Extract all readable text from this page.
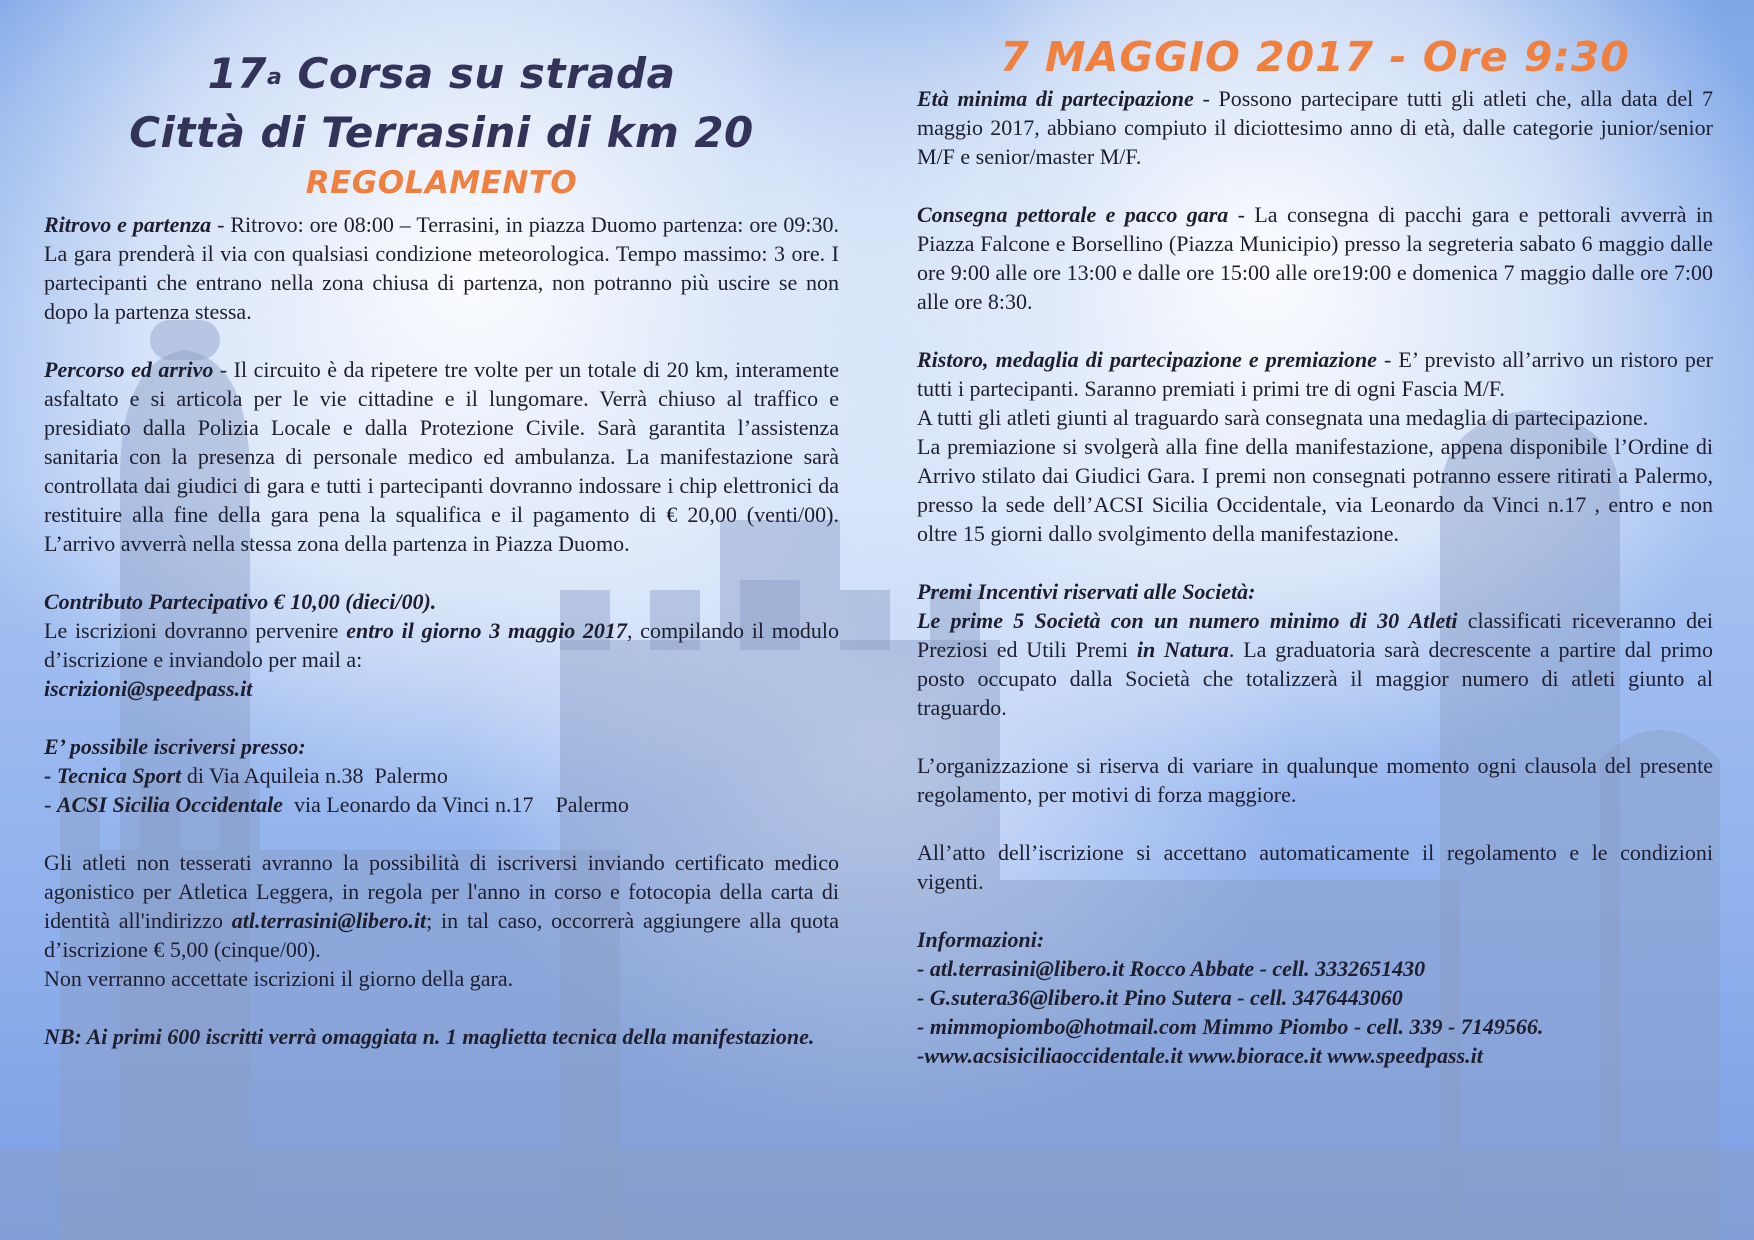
17$^a$ Corsa su strada
Città di Terrasini di km 20
REGOLAMENTO

Ritrovo e partenza - Ritrovo: ore 08:00 – Terrasini, in piazza Duomo partenza: ore 09:30. La gara prenderà il via con qualsiasi condizione meteorologica. Tempo massimo: 3 ore. I partecipanti che entrano nella zona chiusa di partenza, non potranno più uscire se non dopo la partenza stessa.

Percorso ed arrivo - Il circuito è da ripetere tre volte per un totale di 20 km, interamente asfaltato e si articola per le vie cittadine e il lungomare. Verrà chiuso al traffico e presidiato dalla Polizia Locale e dalla Protezione Civile. Sarà garantita l’assistenza sanitaria con la presenza di personale medico ed ambulanza. La manifestazione sarà controllata dai giudici di gara e tutti i partecipanti dovranno indossare i chip elettronici da restituire alla fine della gara pena la squalifica e il pagamento di € 20,00 (venti/00). L’arrivo avverrà nella stessa zona della partenza in Piazza Duomo.

Contributo Partecipativo € 10,00 (dieci/00).
Le iscrizioni dovranno pervenire entro il giorno 3 maggio 2017, compilando il modulo d’iscrizione e inviandolo per mail a:
iscrizioni@speedpass.it

E’ possibile iscriversi presso:
- Tecnica Sport di Via Aquileia n.38  Palermo
- ACSI Sicilia Occidentale  via Leonardo da Vinci n.17    Palermo

Gli atleti non tesserati avranno la possibilità di iscriversi inviando certificato medico agonistico per Atletica Leggera, in regola per l'anno in corso e fotocopia della carta di identità all'indirizzo atl.terrasini@libero.it; in tal caso, occorrerà aggiungere alla quota d’iscrizione € 5,00 (cinque/00).
Non verranno accettate iscrizioni il giorno della gara.

NB: Ai primi 600 iscritti verrà omaggiata n. 1 maglietta tecnica della manifestazione.

7 MAGGIO 2017 - Ore 9:30

Età minima di partecipazione - Possono partecipare tutti gli atleti che, alla data del 7 maggio 2017, abbiano compiuto il diciottesimo anno di età, dalle categorie junior/senior M/F e senior/master M/F.

Consegna pettorale e pacco gara - La consegna di pacchi gara e pettorali avverrà in Piazza Falcone e Borsellino (Piazza Municipio) presso la segreteria sabato 6 maggio dalle ore 9:00 alle ore 13:00 e dalle ore 15:00 alle ore19:00 e domenica 7 maggio dalle ore 7:00 alle ore 8:30.

Ristoro, medaglia di partecipazione e premiazione - E’ previsto all’arrivo un ristoro per tutti i partecipanti. Saranno premiati i primi tre di ogni Fascia M/F.
A tutti gli atleti giunti al traguardo sarà consegnata una medaglia di partecipazione.
La premiazione si svolgerà alla fine della manifestazione, appena disponibile l’Ordine di Arrivo stilato dai Giudici Gara. I premi non consegnati potranno essere ritirati a Palermo, presso la sede dell’ACSI Sicilia Occidentale, via Leonardo da Vinci n.17 , entro e non oltre 15 giorni dallo svolgimento della manifestazione.

Premi Incentivi riservati alle Società:
Le prime 5 Società con un numero minimo di 30 Atleti classificati riceveranno dei Preziosi ed Utili Premi in Natura. La graduatoria sarà decrescente a partire dal primo posto occupato dalla Società che totalizzerà il maggior numero di atleti giunto al traguardo.

L’organizzazione si riserva di variare in qualunque momento ogni clausola del presente regolamento, per motivi di forza maggiore.

All’atto dell’iscrizione si accettano automaticamente il regolamento e le condizioni vigenti.

Informazioni:
- atl.terrasini@libero.it Rocco Abbate - cell. 3332651430
- G.sutera36@libero.it Pino Sutera - cell. 3476443060
- mimmopiombo@hotmail.com Mimmo Piombo - cell. 339 - 7149566.
-www.acsisiciliaoccidentale.it www.biorace.it www.speedpass.it
